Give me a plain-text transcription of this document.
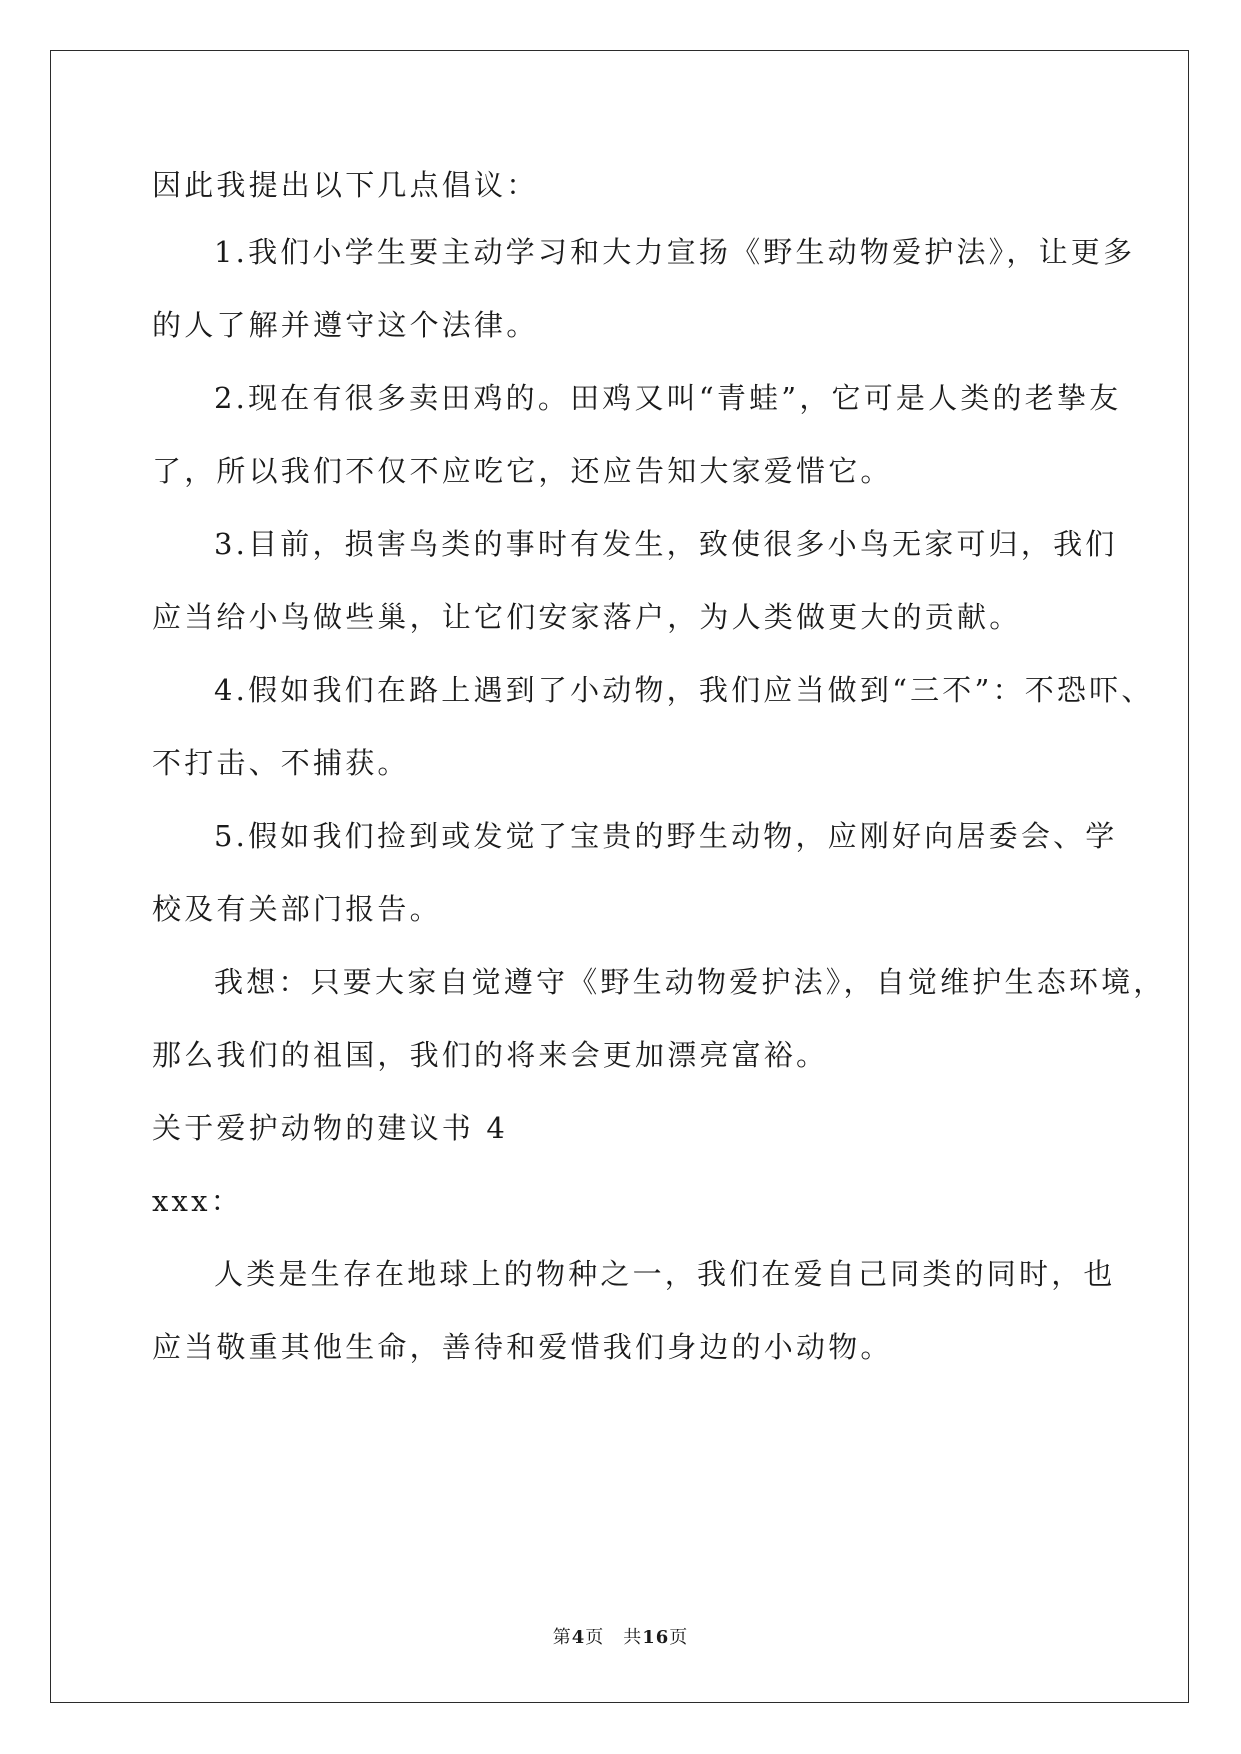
因此我提出以下几点倡议：
1.我们小学生要主动学习和大力宣扬《野生动物爱护法》，让更多
的人了解并遵守这个法律。
2.现在有很多卖田鸡的。田鸡又叫“青蛙”，它可是人类的老挚友
了，所以我们不仅不应吃它，还应告知大家爱惜它。
3.目前，损害鸟类的事时有发生，致使很多小鸟无家可归，我们
应当给小鸟做些巢，让它们安家落户，为人类做更大的贡献。
4.假如我们在路上遇到了小动物，我们应当做到“三不”：不恐吓、
不打击、不捕获。
5.假如我们捡到或发觉了宝贵的野生动物，应刚好向居委会、学
校及有关部门报告。
我想：只要大家自觉遵守《野生动物爱护法》，自觉维护生态环境，
那么我们的祖国，我们的将来会更加漂亮富裕。
关于爱护动物的建议书 4
xxx：
人类是生存在地球上的物种之一，我们在爱自己同类的同时，也
应当敬重其他生命，善待和爱惜我们身边的小动物。
第4页　共16页
